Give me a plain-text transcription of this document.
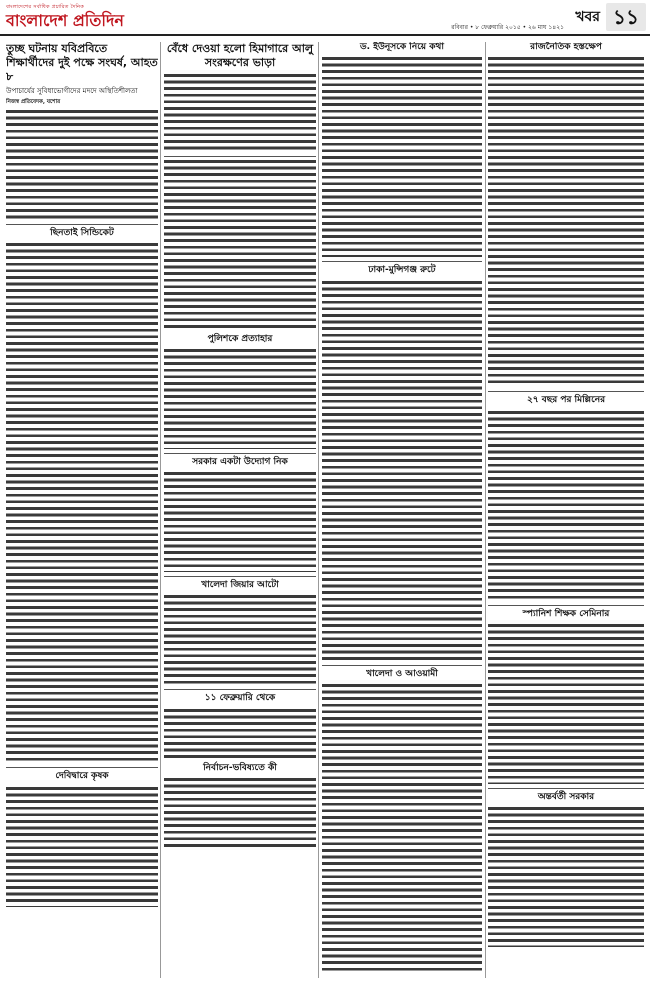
বাংলাদেশের সর্বাধিক প্রচারিত দৈনিক
বাংলাদেশ প্রতিদিন	রবিবার • ৮ ফেব্রুয়ারি ২০১৫ • ২৬ মাঘ ১৪২১
খবর ১১
তুচ্ছ ঘটনায় যবিপ্রবিতে শিক্ষার্থীদের দুই পক্ষে সংঘর্ষ, আহত ৮
উপাচার্যের সুবিধাভোগীদের মদদে অস্থিতিশীলতা
নিজস্ব প্রতিবেদক, যশোর
ছিনতাই সিন্ডিকেট
দেবিদ্বারে কৃষক
বেঁধে দেওয়া হলো হিমাগারে আলু সংরক্ষণের ভাড়া
পুলিশকে প্রত্যাহার
সরকার একটা উদ্যোগ নিক
খালেদা জিয়ার আটো
১১ ফেব্রুয়ারি থেকে
নির্বাচন-ভবিষ্যতে কী
ড. ইউনূসকে নিয়ে কথা
ঢাকা-মুন্সিগঞ্জ রুটে
খালেদা ও আওয়ামী
রাজনৈতিক হস্তক্ষেপ
২৭ বছর পর মিল্লিনের
স্প্যানিশ শিক্ষক সেমিনার
অন্তর্বর্তী সরকার
